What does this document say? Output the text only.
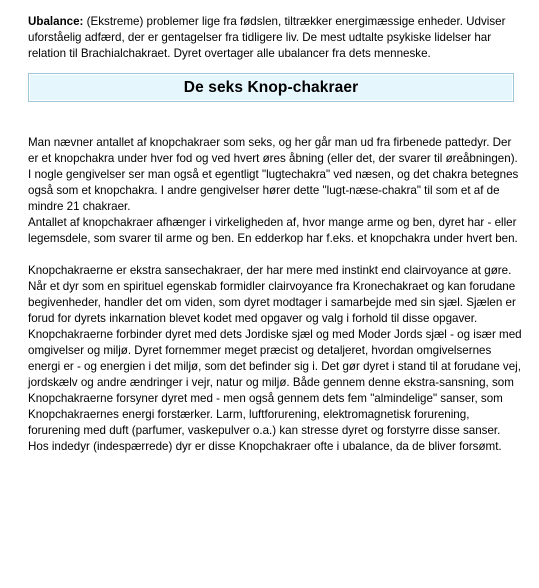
Ubalance: (Ekstreme) problemer lige fra fødslen, tiltrækker energimæssige enheder. Udviser uforståelig adfærd, der er gentagelser fra tidligere liv. De mest udtalte psykiske lidelser har relation til Brachialchakraet. Dyret overtager alle ubalancer fra dets menneske.

De seks Knop-chakraer

Man nævner antallet af knopchakraer som seks, og her går man ud fra firbenede pattedyr. Der er et knopchakra under hver fod og ved hvert øres åbning (eller det, der svarer til øreåbningen). I nogle gengivelser ser man også et egentligt "lugtechakra" ved næsen, og det chakra betegnes også som et knopchakra. I andre gengivelser hører dette "lugt-næse-chakra" til som et af de mindre 21 chakraer.

Antallet af knopchakraer afhænger i virkeligheden af, hvor mange arme og ben, dyret har - eller legemsdele, som svarer til arme og ben. En edderkop har f.eks. et knopchakra under hvert ben.

Knopchakraerne er ekstra sansechakraer, der har mere med instinkt end clairvoyance at gøre.

Når et dyr som en spirituel egenskab formidler clairvoyance fra Kronechakraet og kan forudane begivenheder, handler det om viden, som dyret modtager i samarbejde med sin sjæl. Sjælen er forud for dyrets inkarnation blevet kodet med opgaver og valg i forhold til disse opgaver.

Knopchakraerne forbinder dyret med dets Jordiske sjæl og med Moder Jords sjæl - og især med omgivelser og miljø. Dyret fornemmer meget præcist og detaljeret, hvordan omgivelsernes energi er - og energien i det miljø, som det befinder sig i. Det gør dyret i stand til at forudane vej, jordskælv og andre ændringer i vejr, natur og miljø. Både gennem denne ekstra-sansning, som Knopchakraerne forsyner dyret med - men også gennem dets fem "almindelige" sanser, som Knopchakraernes energi forstærker. Larm, luftforurening, elektromagnetisk forurening, forurening med duft (parfumer, vaskepulver o.a.) kan stresse dyret og forstyrre disse sanser. Hos indedyr (indespærrede) dyr er disse Knopchakraer ofte i ubalance, da de bliver forsømt.
